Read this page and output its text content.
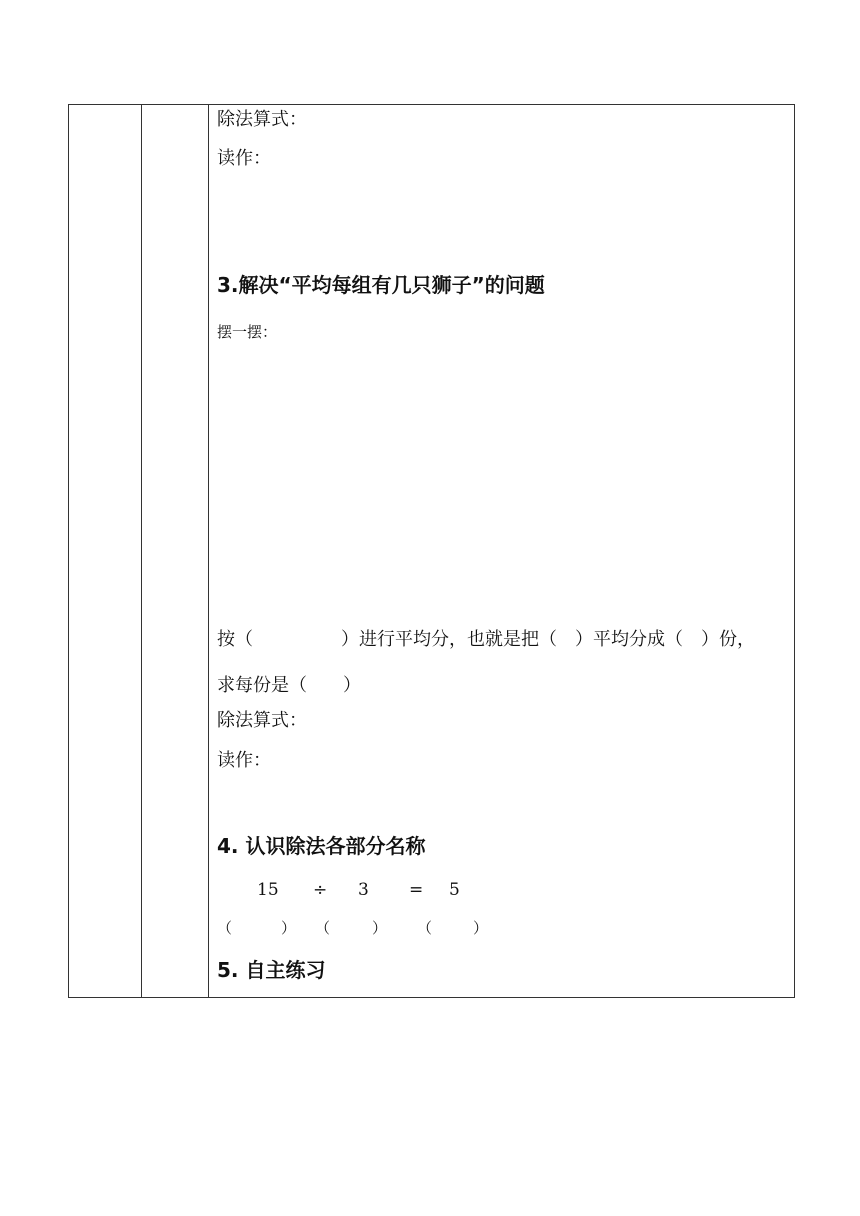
除法算式：
读作：
3.解决“平均每组有几只狮子”的问题
摆一摆：
按（	）进行平均分，也就是把（ ）平均分成（ ）份，
求每份是（　　）
除法算式：
读作：
4. 认识除法各部分名称
15 ÷ 3 = 5
（	） （	） （	）
5. 自主练习
